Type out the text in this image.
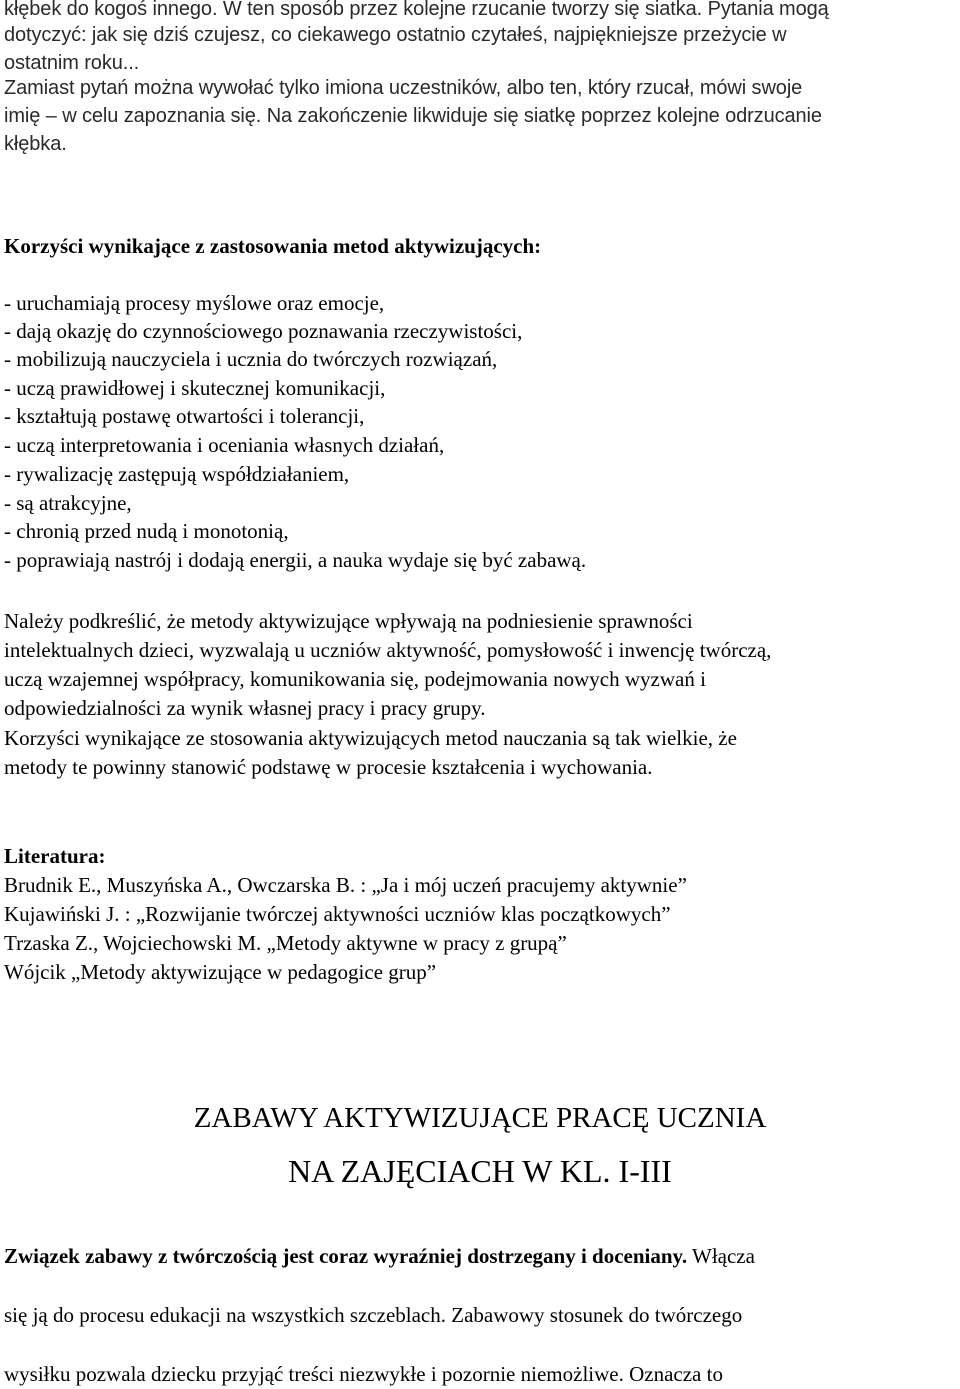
kłębek do kogoś innego. W ten sposób przez kolejne rzucanie tworzy się siatka. Pytania mogą
dotyczyć: jak się dziś czujesz, co ciekawego ostatnio czytałeś, najpiękniejsze przeżycie w
ostatnim roku...
Zamiast pytań można wywołać tylko imiona uczestników, albo ten, który rzucał, mówi swoje
imię – w celu zapoznania się. Na zakończenie likwiduje się siatkę poprzez kolejne odrzucanie
kłębka.
Korzyści wynikające z zastosowania metod aktywizujących:
- uruchamiają procesy myślowe oraz emocje,
- dają okazję do czynnościowego poznawania rzeczywistości,
- mobilizują nauczyciela i ucznia do twórczych rozwiązań,
- uczą prawidłowej i skutecznej komunikacji,
- kształtują postawę otwartości i tolerancji,
- uczą interpretowania i oceniania własnych działań,
- rywalizację zastępują współdziałaniem,
- są atrakcyjne,
- chronią przed nudą i monotonią,
- poprawiają nastrój i dodają energii, a nauka wydaje się być zabawą.
Należy podkreślić, że metody aktywizujące wpływają na podniesienie sprawności
intelektualnych dzieci, wyzwalają u uczniów aktywność, pomysłowość i inwencję twórczą,
uczą wzajemnej współpracy, komunikowania się, podejmowania nowych wyzwań i
odpowiedzialności za wynik własnej pracy i pracy grupy.
Korzyści wynikające ze stosowania aktywizujących metod nauczania są tak wielkie, że
metody te powinny stanowić podstawę w procesie kształcenia i wychowania.
Literatura:
Brudnik E., Muszyńska A., Owczarska B. : „Ja i mój uczeń pracujemy aktywnie”
Kujawiński J. : „Rozwijanie twórczej aktywności uczniów klas początkowych”
Trzaska Z., Wojciechowski M. „Metody aktywne w pracy z grupą”
Wójcik „Metody aktywizujące w pedagogice grup”
ZABAWY AKTYWIZUJĄCE PRACĘ UCZNIA
NA ZAJĘCIACH W KL. I-III
Związek zabawy z twórczością jest coraz wyraźniej dostrzegany i doceniany. Włącza
się ją do procesu edukacji na wszystkich szczeblach. Zabawowy stosunek do twórczego
wysiłku pozwala dziecku przyjąć treści niezwykłe i pozornie niemożliwe. Oznacza to
